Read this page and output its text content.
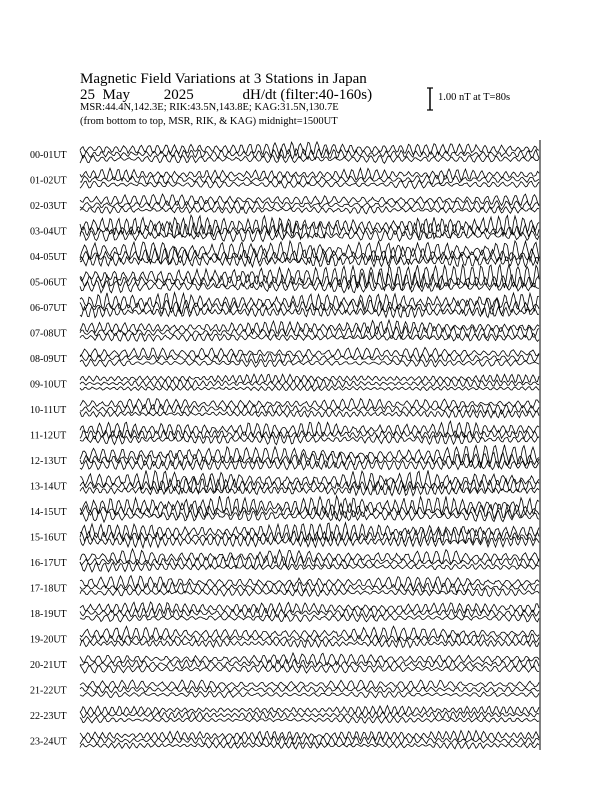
Magnetic Field Variations at 3 Stations in Japan
25 May 2025	dH/dt (filter:40-160s)
MSR:44.4N,142.3E; RIK:43.5N,143.8E; KAG:31.5N,130.7E
(from bottom to top, MSR, RIK, & KAG) midnight=1500UT
1.00 nT at T=80s
00-01UT
01-02UT
02-03UT
03-04UT
04-05UT
05-06UT
06-07UT
07-08UT
08-09UT
09-10UT
10-11UT
11-12UT
12-13UT
13-14UT
14-15UT
15-16UT
16-17UT
17-18UT
18-19UT
19-20UT
20-21UT
21-22UT
22-23UT
23-24UT
